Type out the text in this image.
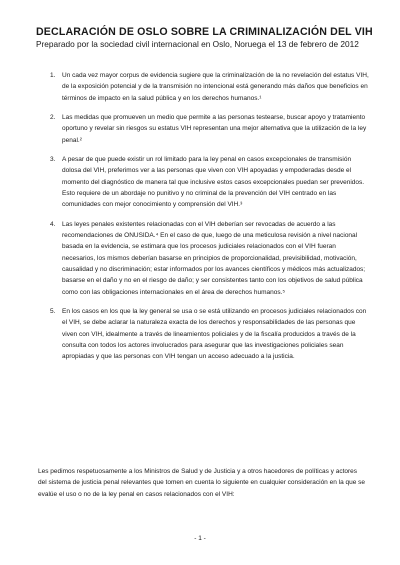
DECLARACIÓN DE OSLO SOBRE LA CRIMINALIZACIÓN DEL VIH
Preparado por la sociedad civil internacional en Oslo, Noruega el 13 de febrero de 2012
1. Un cada vez mayor corpus de evidencia sugiere que la criminalización de la no revelación del estatus VIH, de la exposición potencial y de la transmisión no intencional está generando más daños que beneficios en términos de impacto en la salud pública y en los derechos humanos.¹
2. Las medidas que promueven un medio que permite a las personas testearse, buscar apoyo y tratamiento oportuno y revelar sin riesgos su estatus VIH representan una mejor alternativa que la utilización de la ley penal.²
3. A pesar de que puede existir un rol limitado para la ley penal en casos excepcionales de transmisión dolosa del VIH, preferimos ver a las personas que viven con VIH apoyadas y empoderadas desde el momento del diagnóstico de manera tal que inclusive estos casos excepcionales puedan ser prevenidos. Esto requiere de un abordaje no punitivo y no criminal de la prevención del VIH centrado en las comunidades con mejor conocimiento y comprensión del VIH.³
4. Las leyes penales existentes relacionadas con el VIH deberían ser revocadas de acuerdo a las recomendaciones de ONUSIDA.⁴ En el caso de que, luego de una meticulosa revisión a nivel nacional basada en la evidencia, se estimara que los procesos judiciales relacionados con el VIH fueran necesarios, los mismos deberían basarse en principios de proporcionalidad, previsibilidad, motivación, causalidad y no discriminación; estar informados por los avances científicos y médicos más actualizados; basarse en el daño y no en el riesgo de daño; y ser consistentes tanto con los objetivos de salud pública como con las obligaciones internacionales en el área de derechos humanos.⁵
5. En los casos en los que la ley general se usa o se está utilizando en procesos judiciales relacionados con el VIH, se debe aclarar la naturaleza exacta de los derechos y responsabilidades de las personas que viven con VIH, idealmente a través de lineamientos policiales y de la fiscalía producidos a través de la consulta con todos los actores involucrados para asegurar que las investigaciones policiales sean apropiadas y que las personas con VIH tengan un acceso adecuado a la justicia.
Les pedimos respetuosamente a los Ministros de Salud y de Justicia y a otros hacedores de políticas y actores del sistema de justicia penal relevantes que tomen en cuenta lo siguiente en cualquier consideración en la que se evalúe el uso o no de la ley penal en casos relacionados con el VIH:
- 1 -
